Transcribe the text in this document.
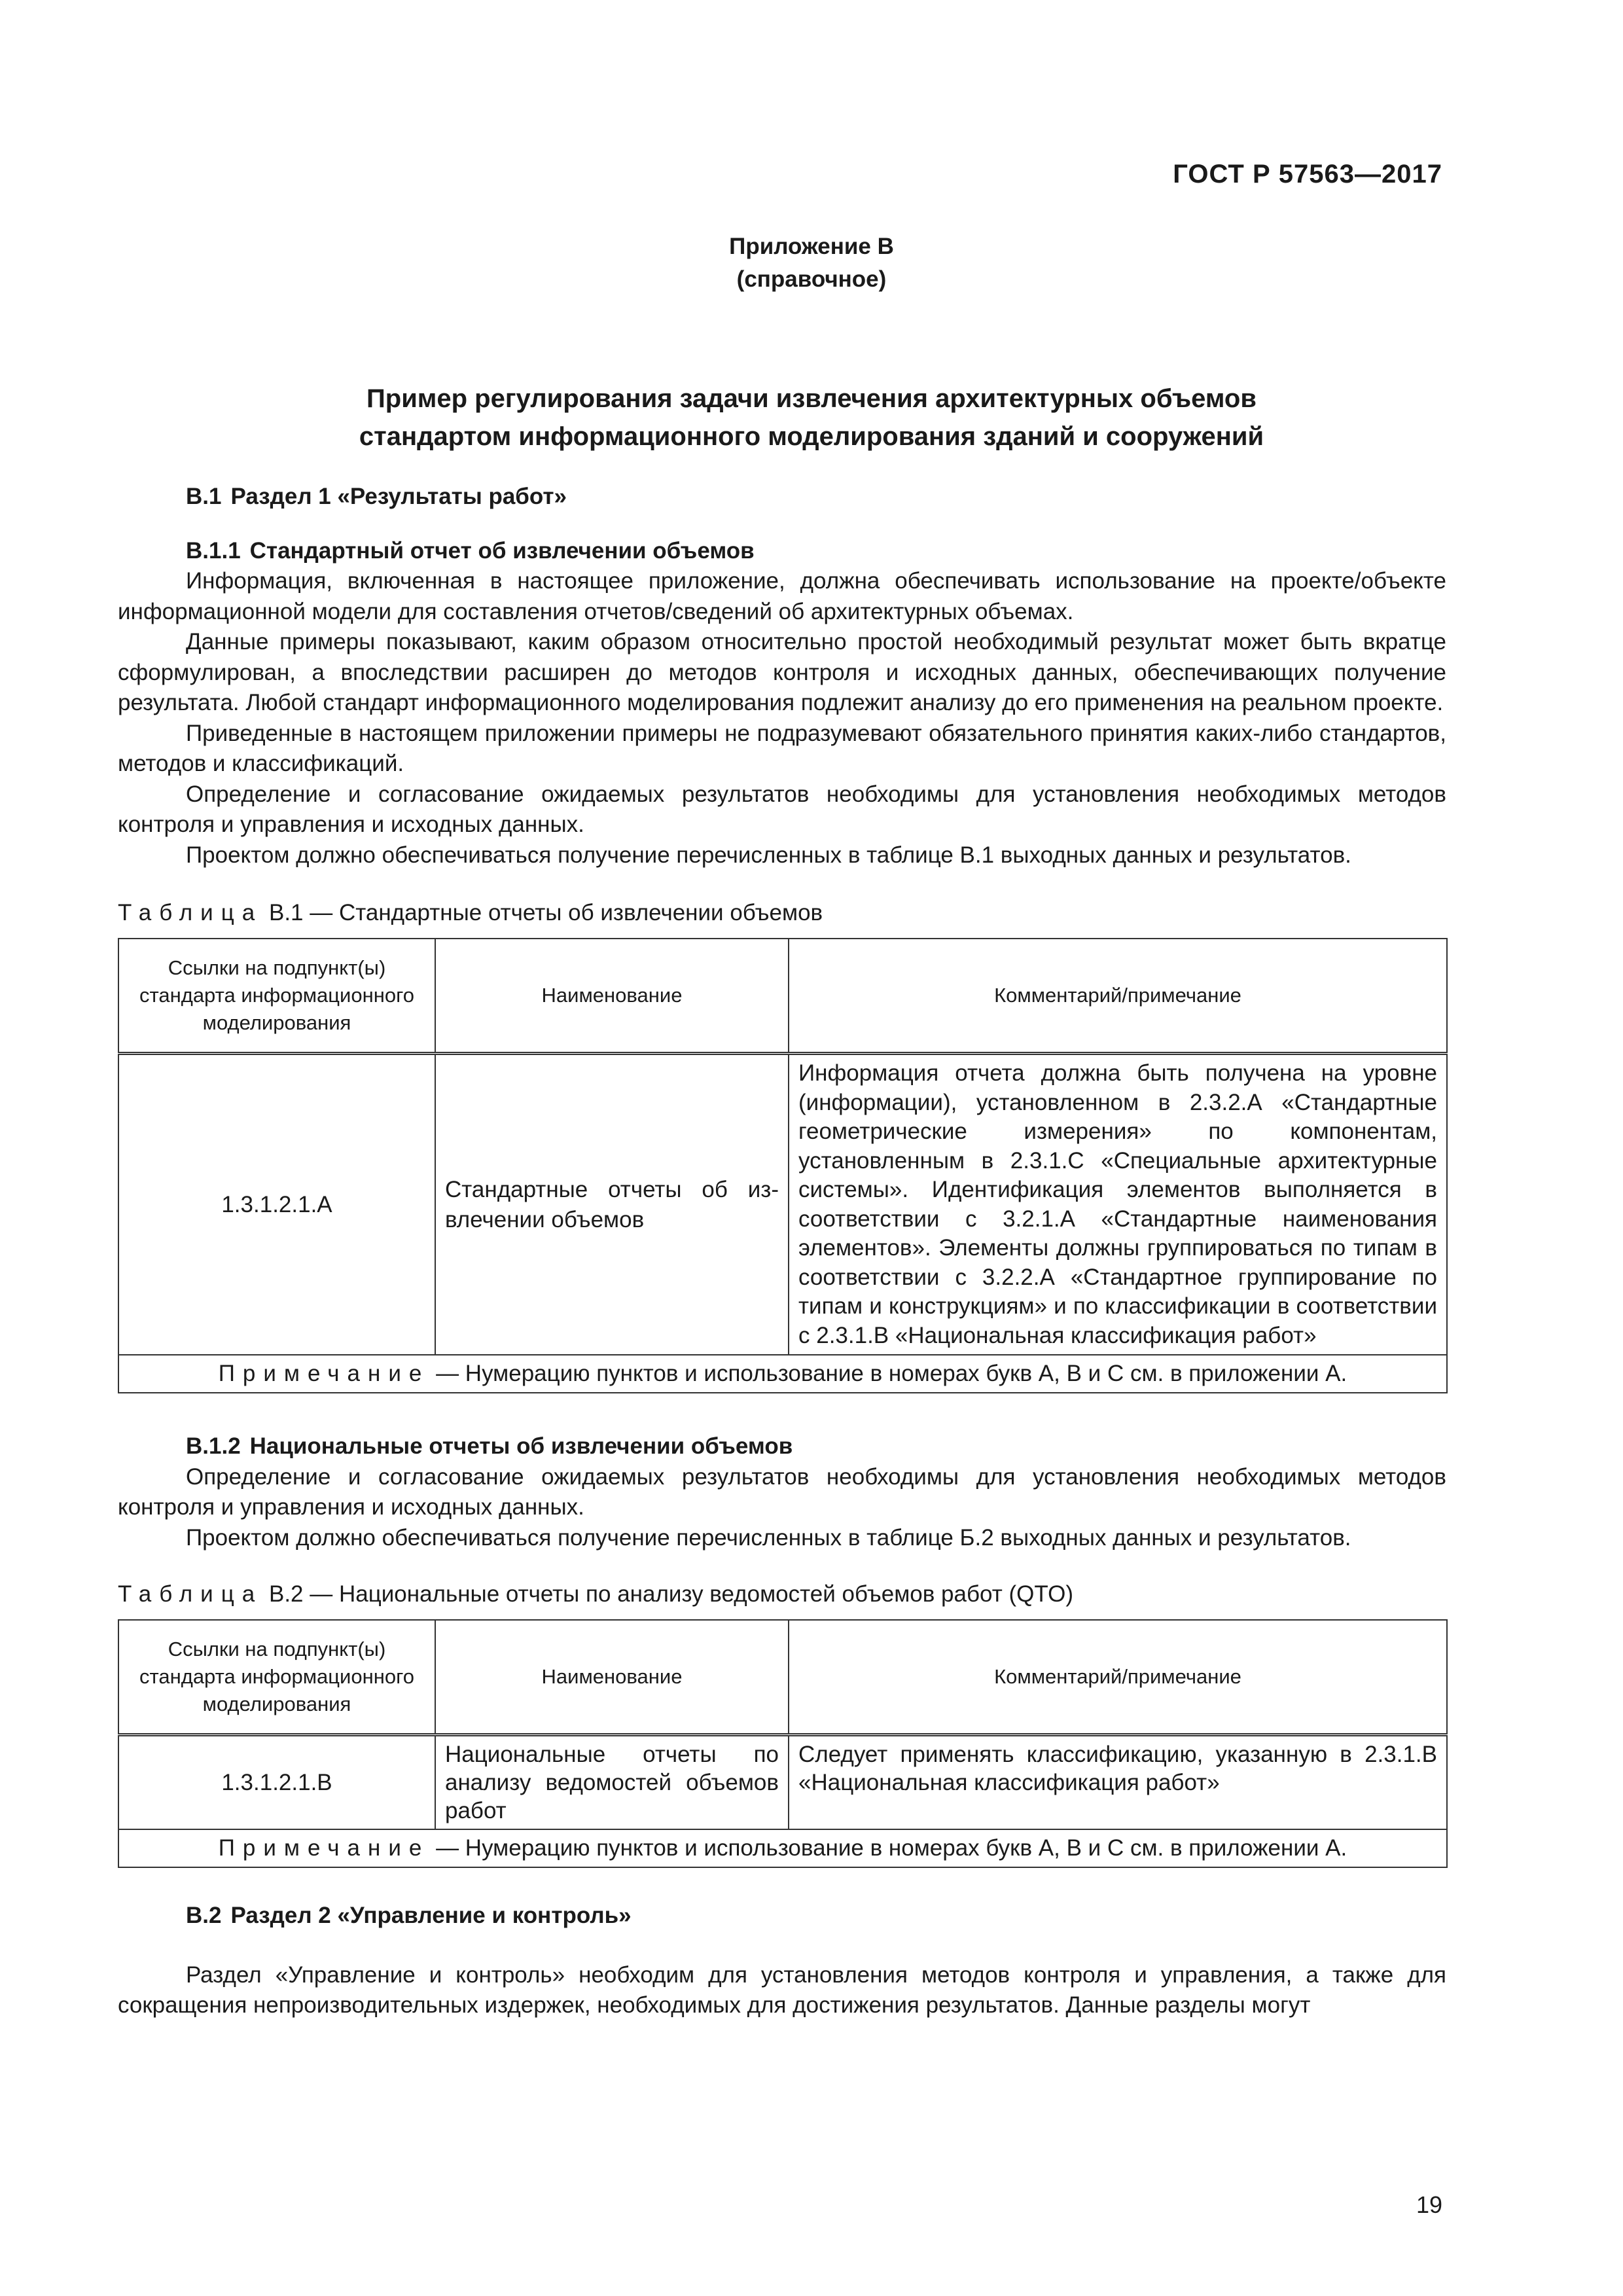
ГОСТ Р 57563—2017
Приложение В
(справочное)
Пример регулирования задачи извлечения архитектурных объемов
стандартом информационного моделирования зданий и сооружений
В.1 Раздел 1 «Результаты работ»
В.1.1 Стандартный отчет об извлечении объемов

Информация, включенная в настоящее приложение, должна обеспечивать использование на проекте/объекте информационной модели для составления отчетов/сведений об архитектурных объемах.

Данные примеры показывают, каким образом относительно простой необходимый результат может быть вкратце сформулирован, а впоследствии расширен до методов контроля и исходных данных, обеспечивающих получение результата. Любой стандарт информационного моделирования подлежит анализу до его применения на реальном проекте.

Приведенные в настоящем приложении примеры не подразумевают обязательного принятия каких-либо стандартов, методов и классификаций.

Определение и согласование ожидаемых результатов необходимы для установления необходимых методов контроля и управления и исходных данных.

Проектом должно обеспечиваться получение перечисленных в таблице В.1 выходных данных и результатов.

Таблица В.1 — Стандартные отчеты об извлечении объемов
Ссылки на подпункт(ы) стандарта информационного моделирования	Наименование	Комментарий/примечание
1.3.1.2.1.А	Стандартные отчеты об извлечении объемов	Информация отчета должна быть получена на уровне (информации), установленном в 2.3.2.А «Стандартные геометрические измерения» по компонентам, установленным в 2.3.1.С «Специальные архитектурные системы». Идентификация элементов выполняется в соответствии с 3.2.1.А «Стандартные наименования элементов». Элементы должны группироваться по типам в соответствии с 3.2.2.А «Стандартное группирование по типам и конструкциям» и по классификации в соответствии с 2.3.1.В «Национальная классификация работ»
Примечание — Нумерацию пунктов и использование в номерах букв А, В и С см. в приложении А.		
В.1.2 Национальные отчеты об извлечении объемов

Определение и согласование ожидаемых результатов необходимы для установления необходимых методов контроля и управления и исходных данных.

Проектом должно обеспечиваться получение перечисленных в таблице Б.2 выходных данных и результатов.

Таблица В.2 — Национальные отчеты по анализу ведомостей объемов работ (QTO)
Ссылки на подпункт(ы) стандарта информационного моделирования	Наименование	Комментарий/примечание
1.3.1.2.1.В	Национальные отчеты по анализу ведомостей объемов работ	Следует применять классификацию, указанную в 2.3.1.В «Национальная классификация работ»
Примечание — Нумерацию пунктов и использование в номерах букв А, В и С см. в приложении А.		
В.2 Раздел 2 «Управление и контроль»

Раздел «Управление и контроль» необходим для установления методов контроля и управления, а также для сокращения непроизводительных издержек, необходимых для достижения результатов. Данные разделы могут

19
